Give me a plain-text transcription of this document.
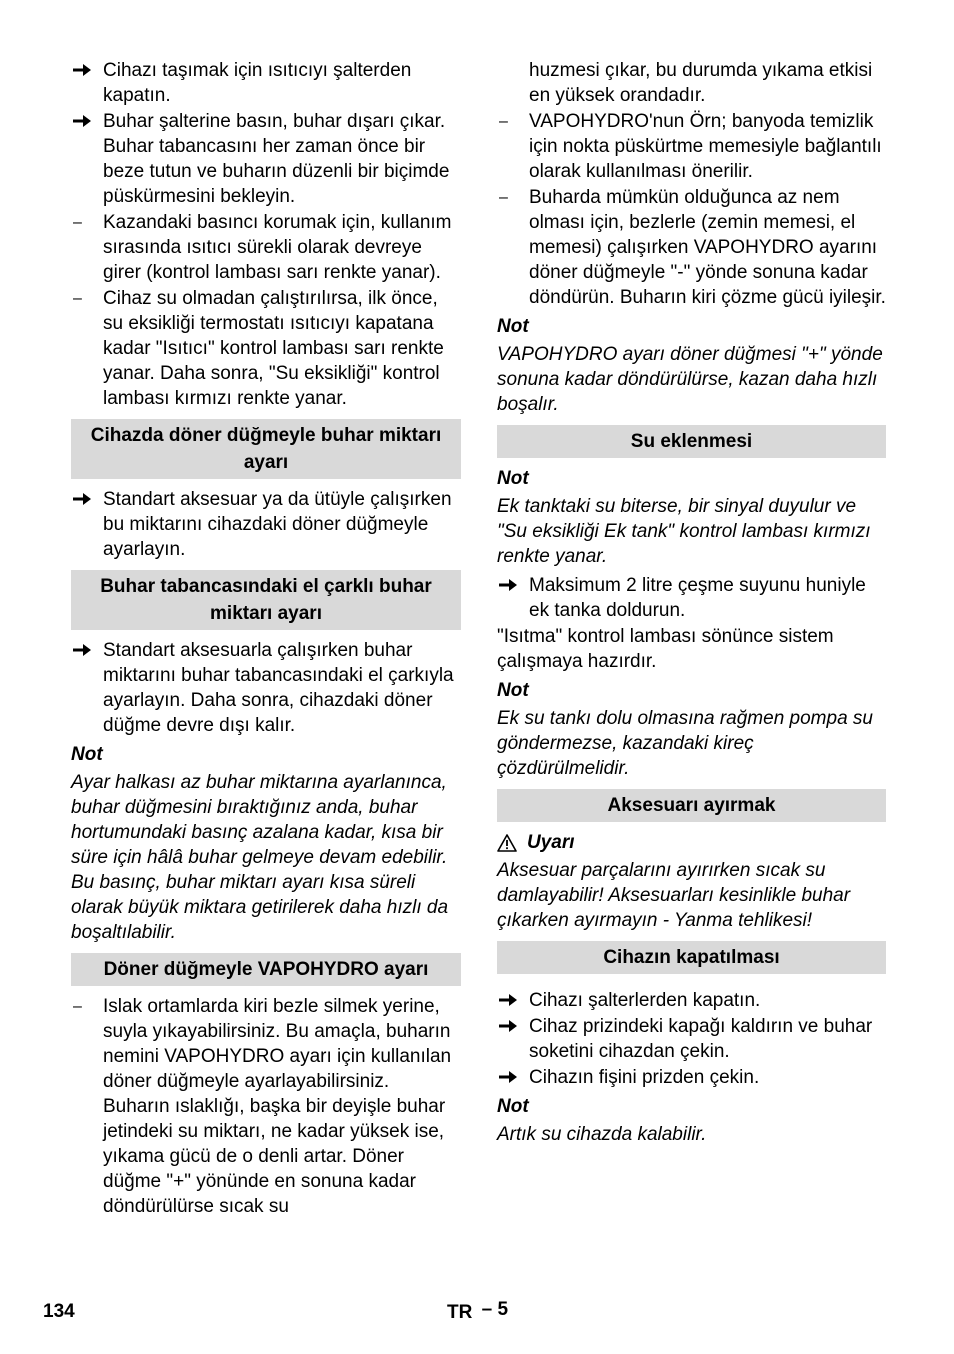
Cihazı taşımak için ısıtıcıyı şalterden kapatın.
Buhar şalterine basın, buhar dışarı çıkar. Buhar tabancasını her zaman önce bir beze tutun ve buharın düzenli bir biçimde püskürmesini bekleyin.
–	Kazandaki basıncı korumak için, kullanım sırasında ısıtıcı sürekli olarak devreye girer (kontrol lambası sarı renkte yanar).
–	Cihaz su olmadan çalıştırılırsa, ilk önce, su eksikliği termostatı ısıtıcıyı kapatana kadar "Isıtıcı" kontrol lambası sarı renkte yanar. Daha sonra, "Su eksikliği" kontrol lambası kırmızı renkte yanar.
Cihazda döner düğmeyle buhar miktarı ayarı
Standart aksesuar ya da ütüyle çalışırken bu miktarını cihazdaki döner düğmeyle ayarlayın.
Buhar tabancasındaki el çarklı buhar miktarı ayarı
Standart aksesuarla çalışırken buhar miktarını buhar tabancasındaki el çarkıyla ayarlayın. Daha sonra, cihazdaki döner düğme devre dışı kalır.
Not
Ayar halkası az buhar miktarına ayarlanınca, buhar düğmesini bıraktığınız anda, buhar hortumundaki basınç azalana kadar, kısa bir süre için hâlâ buhar gelmeye devam edebilir. Bu basınç, buhar miktarı ayarı kısa süreli olarak büyük miktara getirilerek daha hızlı da boşaltılabilir.
Döner düğmeyle VAPOHYDRO ayarı
–	Islak ortamlarda kiri bezle silmek yerine, suyla yıkayabilirsiniz. Bu amaçla, buharın nemini VAPOHYDRO ayarı için kullanılan döner düğmeyle ayarlayabilirsiniz. Buharın ıslaklığı, başka bir deyişle buhar jetindeki su miktarı, ne kadar yüksek ise, yıkama gücü de o denli artar. Döner düğme "+" yönünde en sonuna kadar döndürülürse sıcak su
huzmesi çıkar, bu durumda yıkama etkisi en yüksek orandadır.
–	VAPOHYDRO'nun Örn; banyoda temizlik için nokta püskürtme memesiyle bağlantılı olarak kullanılması önerilir.
–	Buharda mümkün olduğunca az nem olması için, bezlerle (zemin memesi, el memesi) çalışırken VAPOHYDRO ayarını döner düğmeyle "-" yönde sonuna kadar döndürün. Buharın kiri çözme gücü iyileşir.
Not
VAPOHYDRO ayarı döner düğmesi "+" yönde sonuna kadar döndürülürse, kazan daha hızlı boşalır.
Su eklenmesi
Not
Ek tanktaki su biterse, bir sinyal duyulur ve "Su eksikliği Ek tank" kontrol lambası kırmızı renkte yanar.
Maksimum 2 litre çeşme suyunu huniyle ek tanka doldurun.
"Isıtma" kontrol lambası sönünce sistem çalışmaya hazırdır.
Not
Ek su tankı dolu olmasına rağmen pompa su göndermezse, kazandaki kireç çözdürülmelidir.
Aksesuarı ayırmak
Uyarı
Aksesuar parçalarını ayırırken sıcak su damlayabilir! Aksesuarları kesinlikle buhar çıkarken ayırmayın - Yanma tehlikesi!
Cihazın kapatılması
Cihazı şalterlerden kapatın.
Cihaz prizindeki kapağı kaldırın ve buhar soketini cihazdan çekin.
Cihazın fişini prizden çekin.
Not
Artık su cihazda kalabilir.
134	TR – 5
